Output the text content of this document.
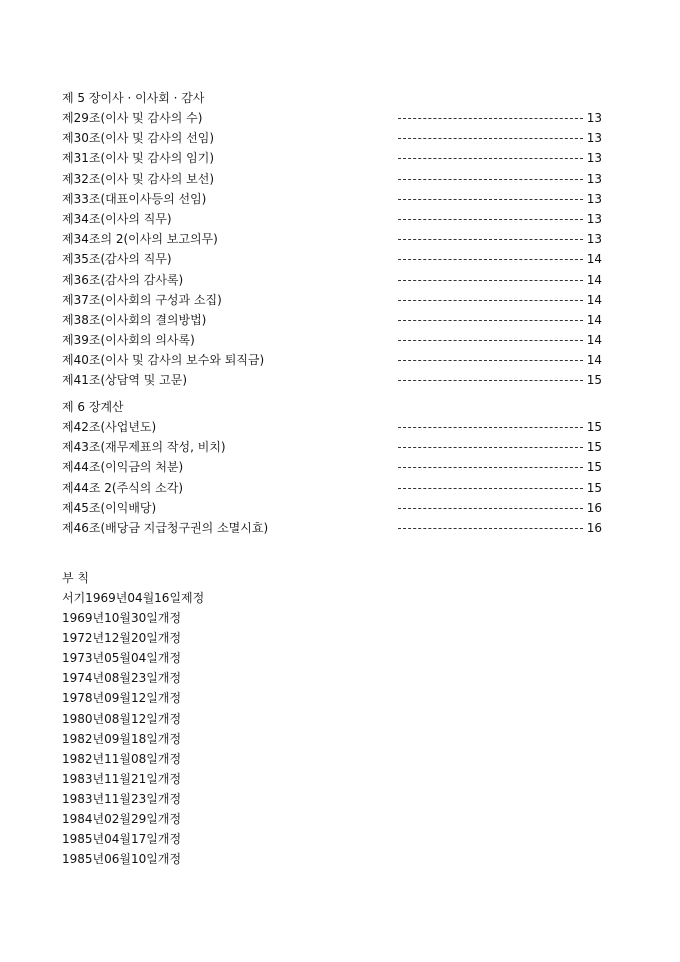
제 5 장이사 · 이사회 · 감사
제29조(이사 및 감사의 수)	13
제30조(이사 및 감사의 선임)	13
제31조(이사 및 감사의 임기)	13
제32조(이사 및 감사의 보선)	13
제33조(대표이사등의 선임)	13
제34조(이사의 직무)	13
제34조의 2(이사의 보고의무)	13
제35조(감사의 직무)	14
제36조(감사의 감사록)	14
제37조(이사회의 구성과 소집)	14
제38조(이사회의 결의방법)	14
제39조(이사회의 의사록)	14
제40조(이사 및 감사의 보수와 퇴직금)	14
제41조(상담역 및 고문)	15
제 6 장계산
제42조(사업년도)	15
제43조(재무제표의 작성, 비치)	15
제44조(이익금의 처분)	15
제44조 2(주식의 소각)	15
제45조(이익배당)	16
제46조(배당금 지급청구권의 소멸시효)	16
부 칙
서기1969년04월16일제정
1969년10월30일개정
1972년12월20일개정
1973년05월04일개정
1974년08월23일개정
1978년09월12일개정
1980년08월12일개정
1982년09월18일개정
1982년11월08일개정
1983년11월21일개정
1983년11월23일개정
1984년02월29일개정
1985년04월17일개정
1985년06월10일개정
